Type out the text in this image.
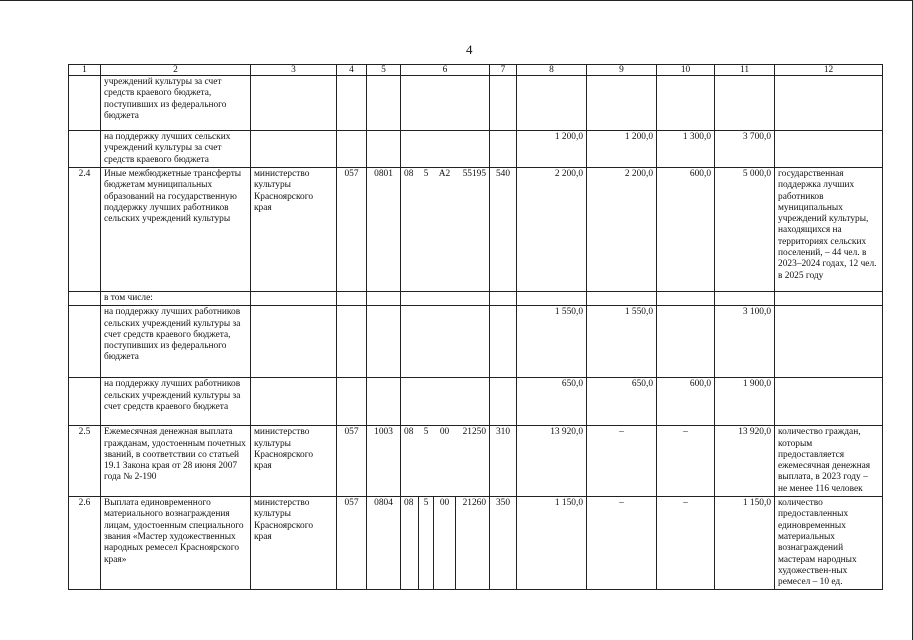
4
1	2	3	4	5	6				7	8	9	10	11	12
	учреждений культуры за счет средств краевого бюджета, поступивших из федерального бюджета													
	на поддержку лучших сельских учреждений культуры за счет средств краевого бюджета									1 200,0	1 200,0	1 300,0	3 700,0	
2.4	Иные межбюджетные трансферты бюджетам муниципальных образований на государственную поддержку лучших работников сельских учреждений культуры	министерство культуры Красноярского края	057	0801	08	5	A2	55195	540	2 200,0	2 200,0	600,0	5 000,0	государственная поддержка лучших работников муниципальных учреждений культуры, находящихся на территориях сельских поселений, – 44 чел. в 2023–2024 годах, 12 чел. в 2025 году
	в том числе:													
	на поддержку лучших работников сельских учреждений культуры за счет средств краевого бюджета, поступивших из федерального бюджета									1 550,0	1 550,0		3 100,0	
	на поддержку лучших работников сельских учреждений культуры за счет средств краевого бюджета									650,0	650,0	600,0	1 900,0	
2.5	Ежемесячная денежная выплата гражданам, удостоенным почетных званий, в соответствии со статьей 19.1 Закона края от 28 июня 2007 года № 2-190	министерство культуры Красноярского края	057	1003	08	5	00	21250	310	13 920,0	–	–	13 920,0	количество граждан, которым предоставляется ежемесячная денежная выплата, в 2023 году – не менее 116 человек
2.6	Выплата единовременного материального вознаграждения лицам, удостоенным специального звания «Мастер художественных народных ремесел Красноярского края»	министерство культуры Красноярского края	057	0804	08	5	00	21260	350	1 150,0	–	–	1 150,0	количество предоставленных единовременных материальных вознаграждений мастерам народных художествен-ных ремесел – 10 ед.
